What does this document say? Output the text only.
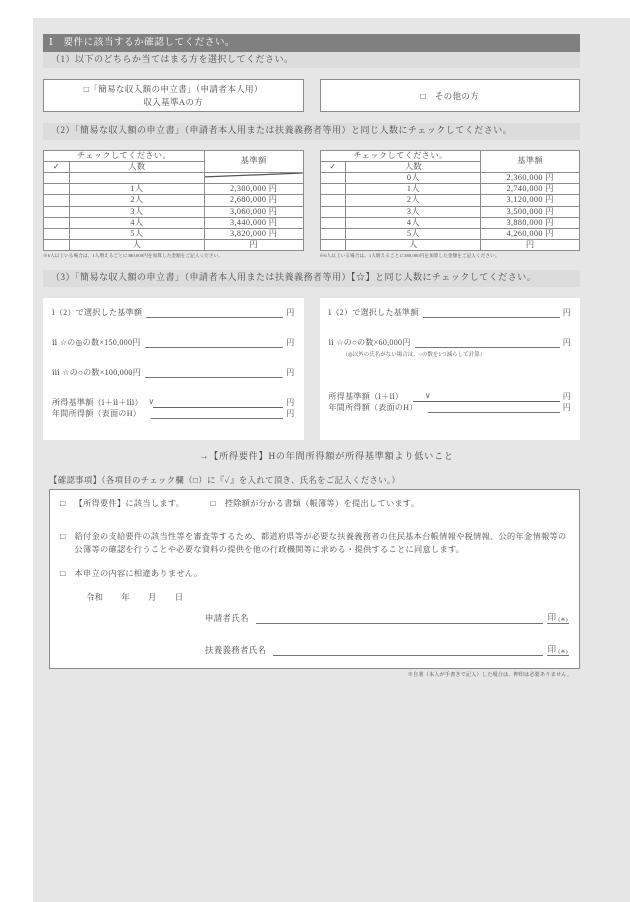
Ⅰ　要件に該当するか確認してください。
（1）以下のどちらか当てはまる方を選択してください。
□「簡易な収入額の申立書」（申請者本人用）
収入基準Aの方
□　その他の方
（2）「簡易な収入額の申立書」（申請者本人用または扶養義務者等用）と同じ人数にチェックしてください。
チェックしてください。		基準額
✓	人数	

	1人	2,300,000 円
	2人	2,680,000 円
	3人	3,060,000 円
	4人	3,440,000 円
	5人	3,820,000 円
	人	円
※6人以上いる場合は、1人増えるごとに380,000円を加算した金額をご記入ください。
チェックしてください。		基準額
✓	人数	
	0人	2,360,000 円
	1人	2,740,000 円
	2人	3,120,000 円
	3人	3,500,000 円
	4人	3,880,000 円
	5人	4,260,000 円
	人	円
※6人以上いる場合は、1人増えるごとに380,000円を加算した金額をご記入ください。
（3）「簡易な収入額の申立書」（申請者本人用または扶養義務者等用）【☆】と同じ人数にチェックしてください。
ⅰ（2）で選択した基準額	円
ⅱ ☆の◎の数×150,000円	円
ⅲ ☆の○の数×100,000円	円
所得基準額（ⅰ＋ⅱ＋ⅲ）	円
∨
年間所得額（表面のH）	円
ⅰ（2）で選択した基準額	円
ⅱ ☆の○の数×60,000円	円
（◎以外の氏名がない場合は、○の数を1つ減らして計算）
所得基準額（ⅰ＋ⅱ）	円
∨
年間所得額（表面のH）	円
→【所得要件】Hの年間所得額が所得基準額より低いこと
【確認事項】（各項目のチェック欄（□）に『✓』を入れて頂き、氏名をご記入ください。）
□ 【所得要件】に該当します。	□ 控除額が分かる書類（帳簿等）を提出しています。
□ 給付金の支給要件の該当性等を審査等するため、都道府県等が必要な扶養義務者の住民基本台帳情報や税情報、公的年金情報等の公簿等の確認を行うことや必要な資料の提供を他の行政機関等に求める・提供することに同意します。
□ 本申立の内容に相違ありません。
令和 年 月 日
申請者氏名	印 (※)
扶養義務者氏名	印 (※)
※自署（本人が手書きで記入）した場合は、押印は必要ありません。
